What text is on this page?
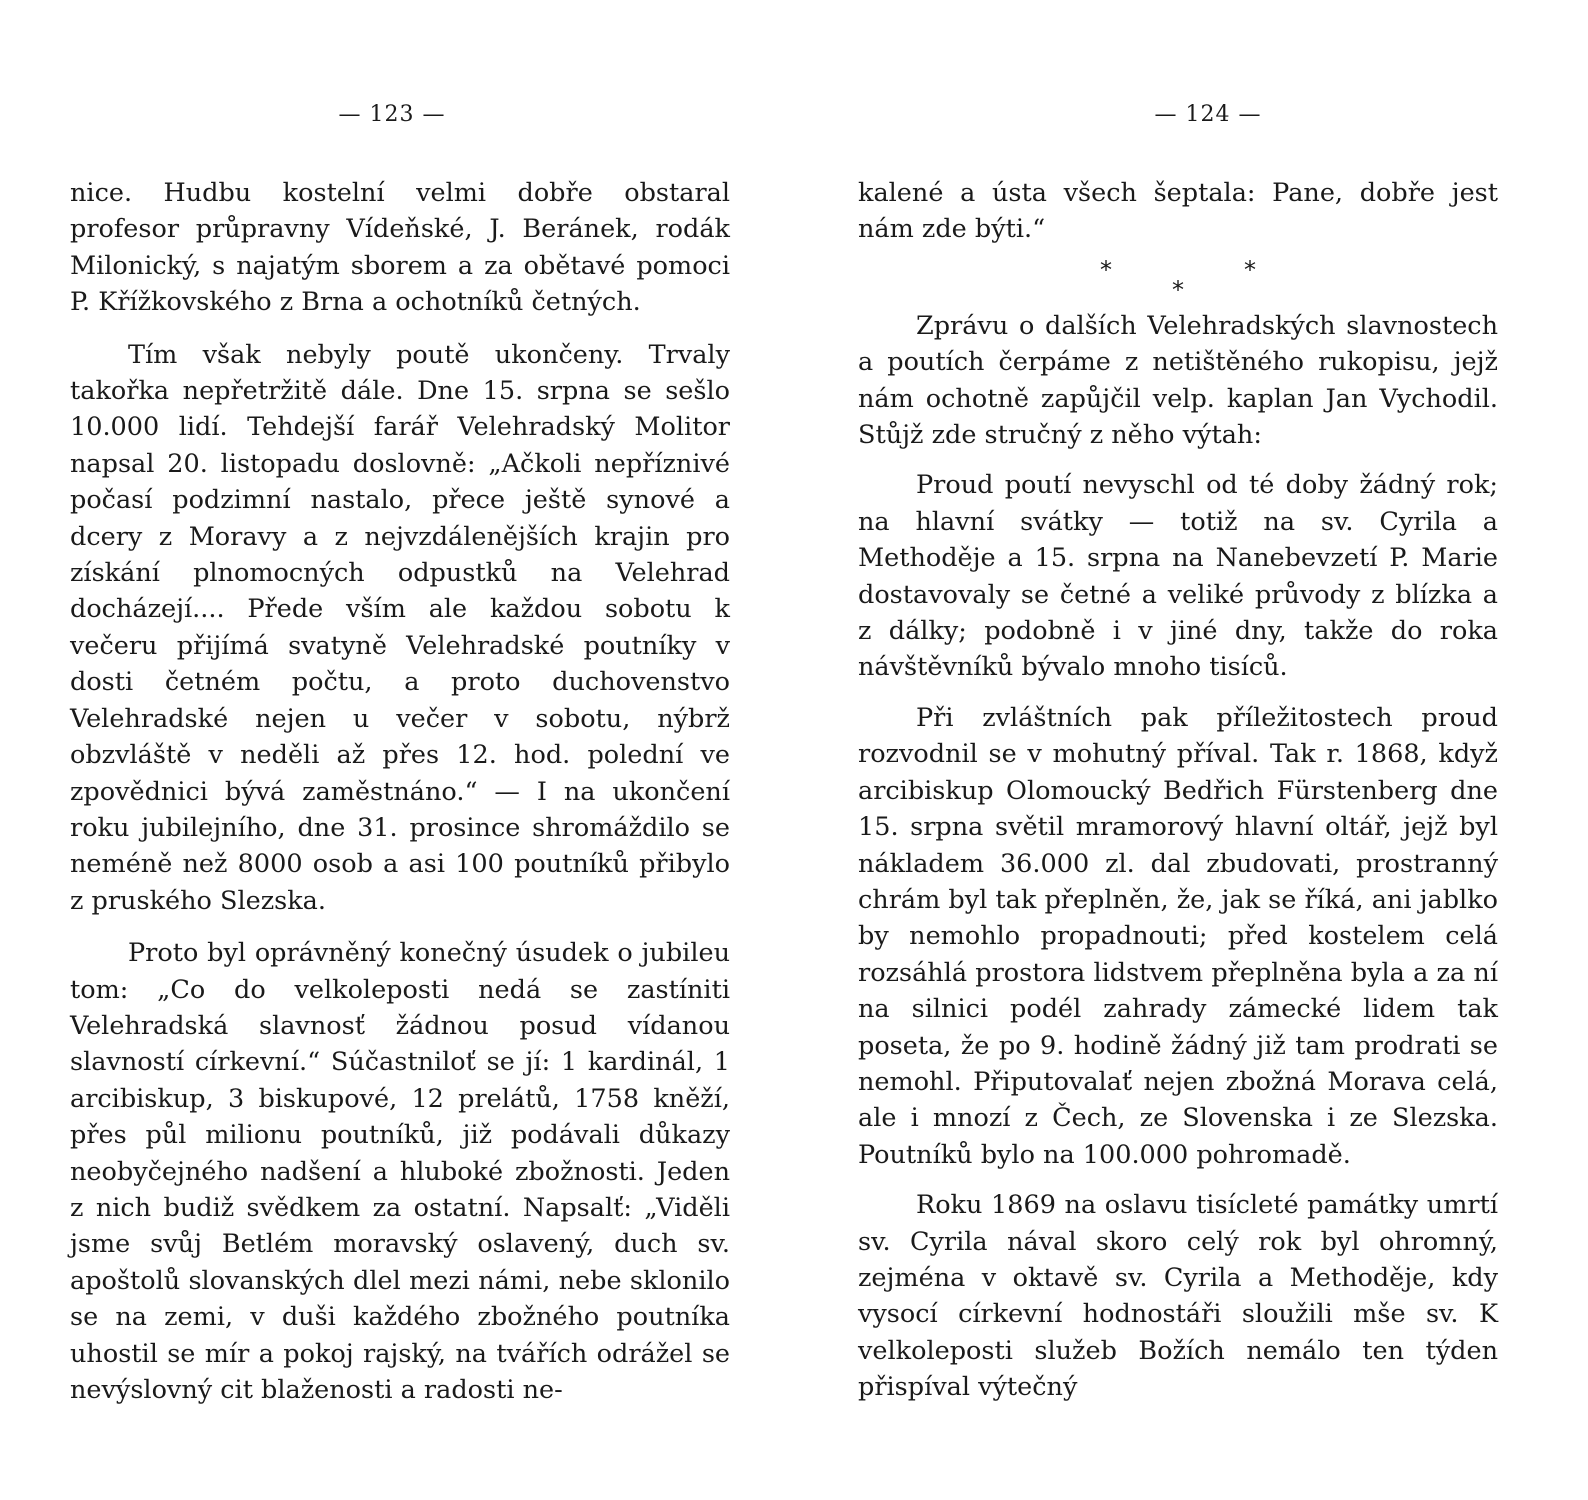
— 123 —

nice. Hudbu kostelní velmi dobře obstaral profesor průpravny Vídeňské, J. Beránek, rodák Milonický, s najatým sborem a za obětavé pomoci P. Křížkovského z Brna a ochotníků četných.

Tím však nebyly poutě ukončeny. Trvaly takořka nepřetržitě dále. Dne 15. srpna se sešlo 10.000 lidí. Tehdejší farář Velehradský Molitor napsal 20. listopadu doslovně: „Ačkoli nepříznivé počasí podzimní nastalo, přece ještě synové a dcery z Moravy a z nejvzdálenějších krajin pro získání plnomocných odpustků na Velehrad docházejí.... Přede vším ale každou sobotu k večeru přijímá svatyně Velehradské poutníky v dosti četném počtu, a proto duchovenstvo Velehradské nejen u večer v sobotu, nýbrž obzvláště v neděli až přes 12. hod. polední ve zpovědnici bývá zaměstnáno.“ — I na ukončení roku jubilejního, dne 31. prosince shromáždilo se neméně než 8000 osob a asi 100 poutníků přibylo z pruského Slezska.

Proto byl oprávněný konečný úsudek o jubileu tom: „Co do velkoleposti nedá se zastíniti Velehradská slavnosť žádnou posud vídanou slavností církevní.“ Súčastniloť se jí: 1 kardinál, 1 arcibiskup, 3 biskupové, 12 prelátů, 1758 kněží, přes půl milionu poutníků, již podávali důkazy neobyčejného nadšení a hluboké zbožnosti. Jeden z nich budiž svědkem za ostatní. Napsalť: „Viděli jsme svůj Betlém moravský oslavený, duch sv. apoštolů slovanských dlel mezi námi, nebe sklonilo se na zemi, v duši každého zbožného poutníka uhostil se mír a pokoj rajský, na tvářích odrážel se nevýslovný cit blaženosti a radosti ne-

— 124 —

kalené a ústa všech šeptala: Pane, dobře jest nám zde býti.“

*
*
*

Zprávu o dalších Velehradských slavnostech a poutích čerpáme z netištěného rukopisu, jejž nám ochotně zapůjčil velp. kaplan Jan Vychodil. Stůjž zde stručný z něho výtah:

Proud poutí nevyschl od té doby žádný rok; na hlavní svátky — totiž na sv. Cyrila a Methoděje a 15. srpna na Nanebevzetí P. Marie dostavovaly se četné a veliké průvody z blízka a z dálky; podobně i v jiné dny, takže do roka návštěvníků bývalo mnoho tisíců.

Při zvláštních pak příležitostech proud rozvodnil se v mohutný příval. Tak r. 1868, když arcibiskup Olomoucký Bedřich Fürstenberg dne 15. srpna světil mramorový hlavní oltář, jejž byl nákladem 36.000 zl. dal zbudovati, prostranný chrám byl tak přeplněn, že, jak se říká, ani jablko by nemohlo propadnouti; před kostelem celá rozsáhlá prostora lidstvem přeplněna byla a za ní na silnici podél zahrady zámecké lidem tak poseta, že po 9. hodině žádný již tam prodrati se nemohl. Připutovalať nejen zbožná Morava celá, ale i mnozí z Čech, ze Slovenska i ze Slezska. Poutníků bylo na 100.000 pohromadě.

Roku 1869 na oslavu tisícleté památky umrtí sv. Cyrila nával skoro celý rok byl ohromný, zejména v oktavě sv. Cyrila a Methoděje, kdy vysocí církevní hodnostáři sloužili mše sv. K velkoleposti služeb Božích nemálo ten týden přispíval výtečný
